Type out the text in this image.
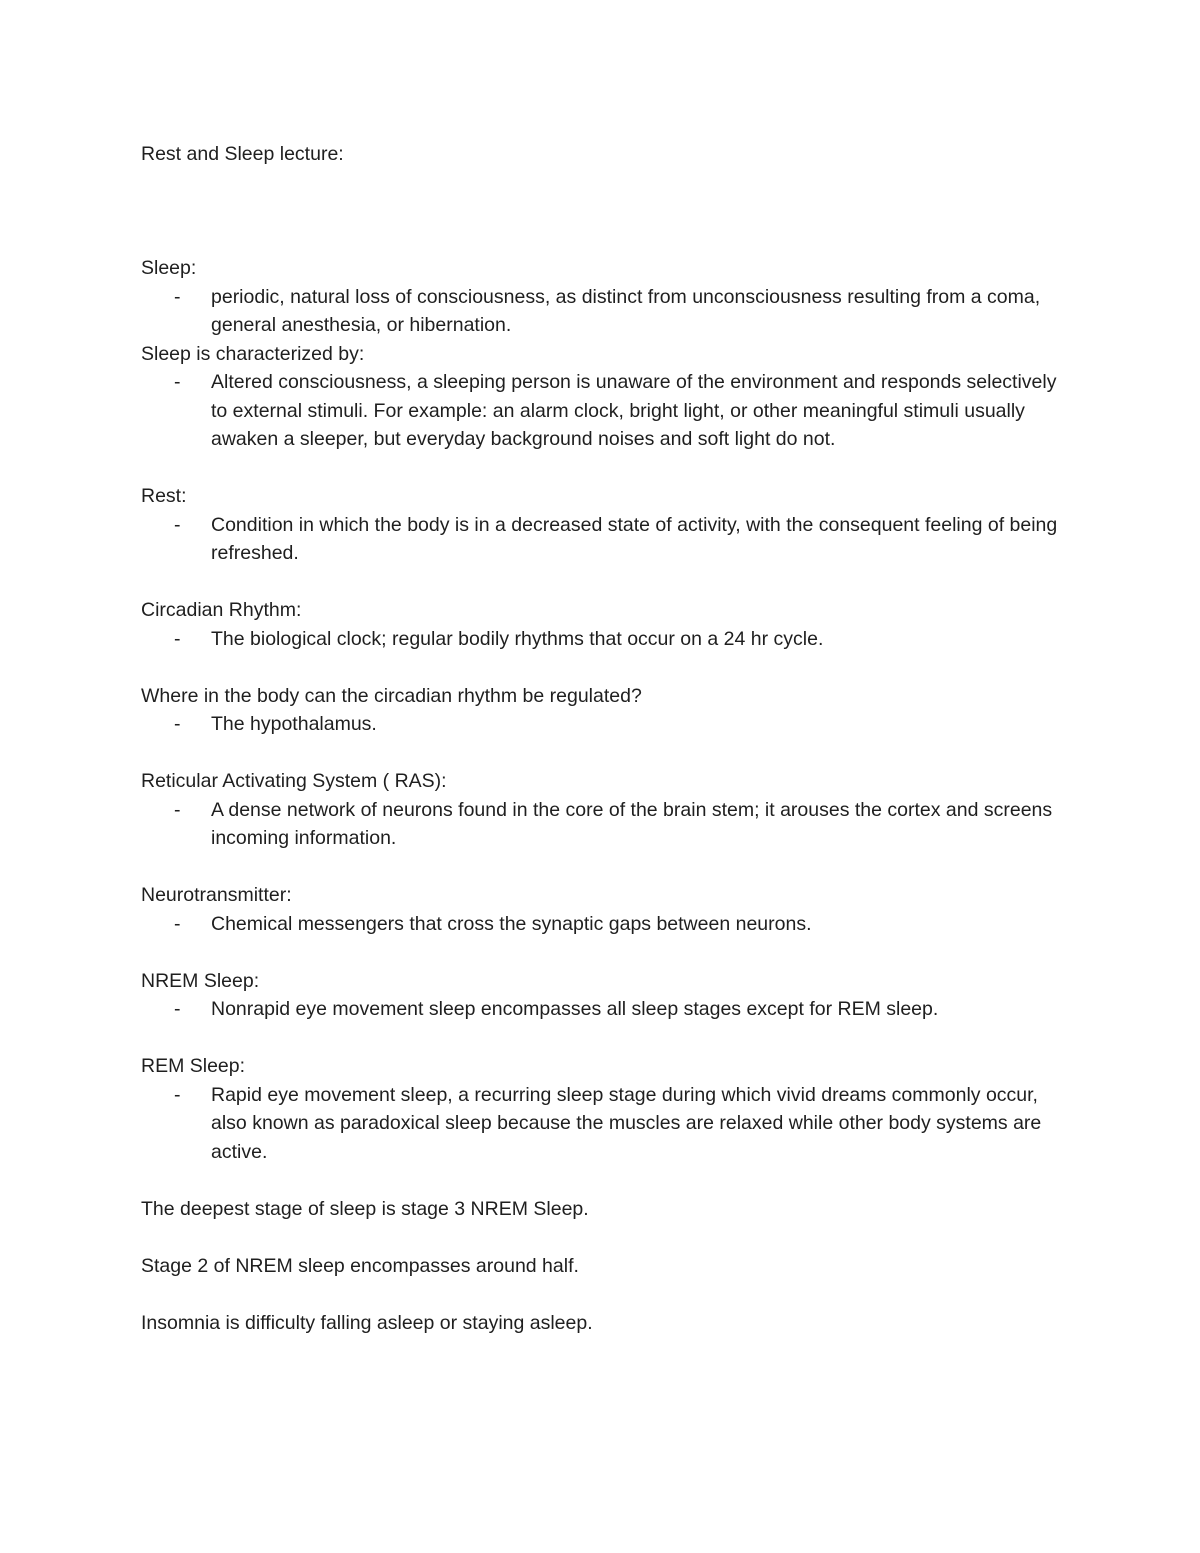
Rest and Sleep lecture:

Sleep:

- periodic, natural loss of consciousness, as distinct from unconsciousness resulting from a coma, general anesthesia, or hibernation.

Sleep is characterized by:

- Altered consciousness, a sleeping person is unaware of the environment and responds selectively to external stimuli. For example: an alarm clock, bright light, or other meaningful stimuli usually awaken a sleeper, but everyday background noises and soft light do not.

Rest:

- Condition in which the body is in a decreased state of activity, with the consequent feeling of being refreshed.

Circadian Rhythm:

- The biological clock; regular bodily rhythms that occur on a 24 hr cycle.

Where in the body can the circadian rhythm be regulated?

- The hypothalamus.

Reticular Activating System ( RAS):

- A dense network of neurons found in the core of the brain stem; it arouses the cortex and screens incoming information.

Neurotransmitter:

- Chemical messengers that cross the synaptic gaps between neurons.

NREM Sleep:

- Nonrapid eye movement sleep encompasses all sleep stages except for REM sleep.

REM Sleep:

- Rapid eye movement sleep, a recurring sleep stage during which vivid dreams commonly occur, also known as paradoxical sleep because the muscles are relaxed while other body systems are active.

The deepest stage of sleep is stage 3 NREM Sleep.

Stage 2 of NREM sleep encompasses around half.

Insomnia is difficulty falling asleep or staying asleep.
